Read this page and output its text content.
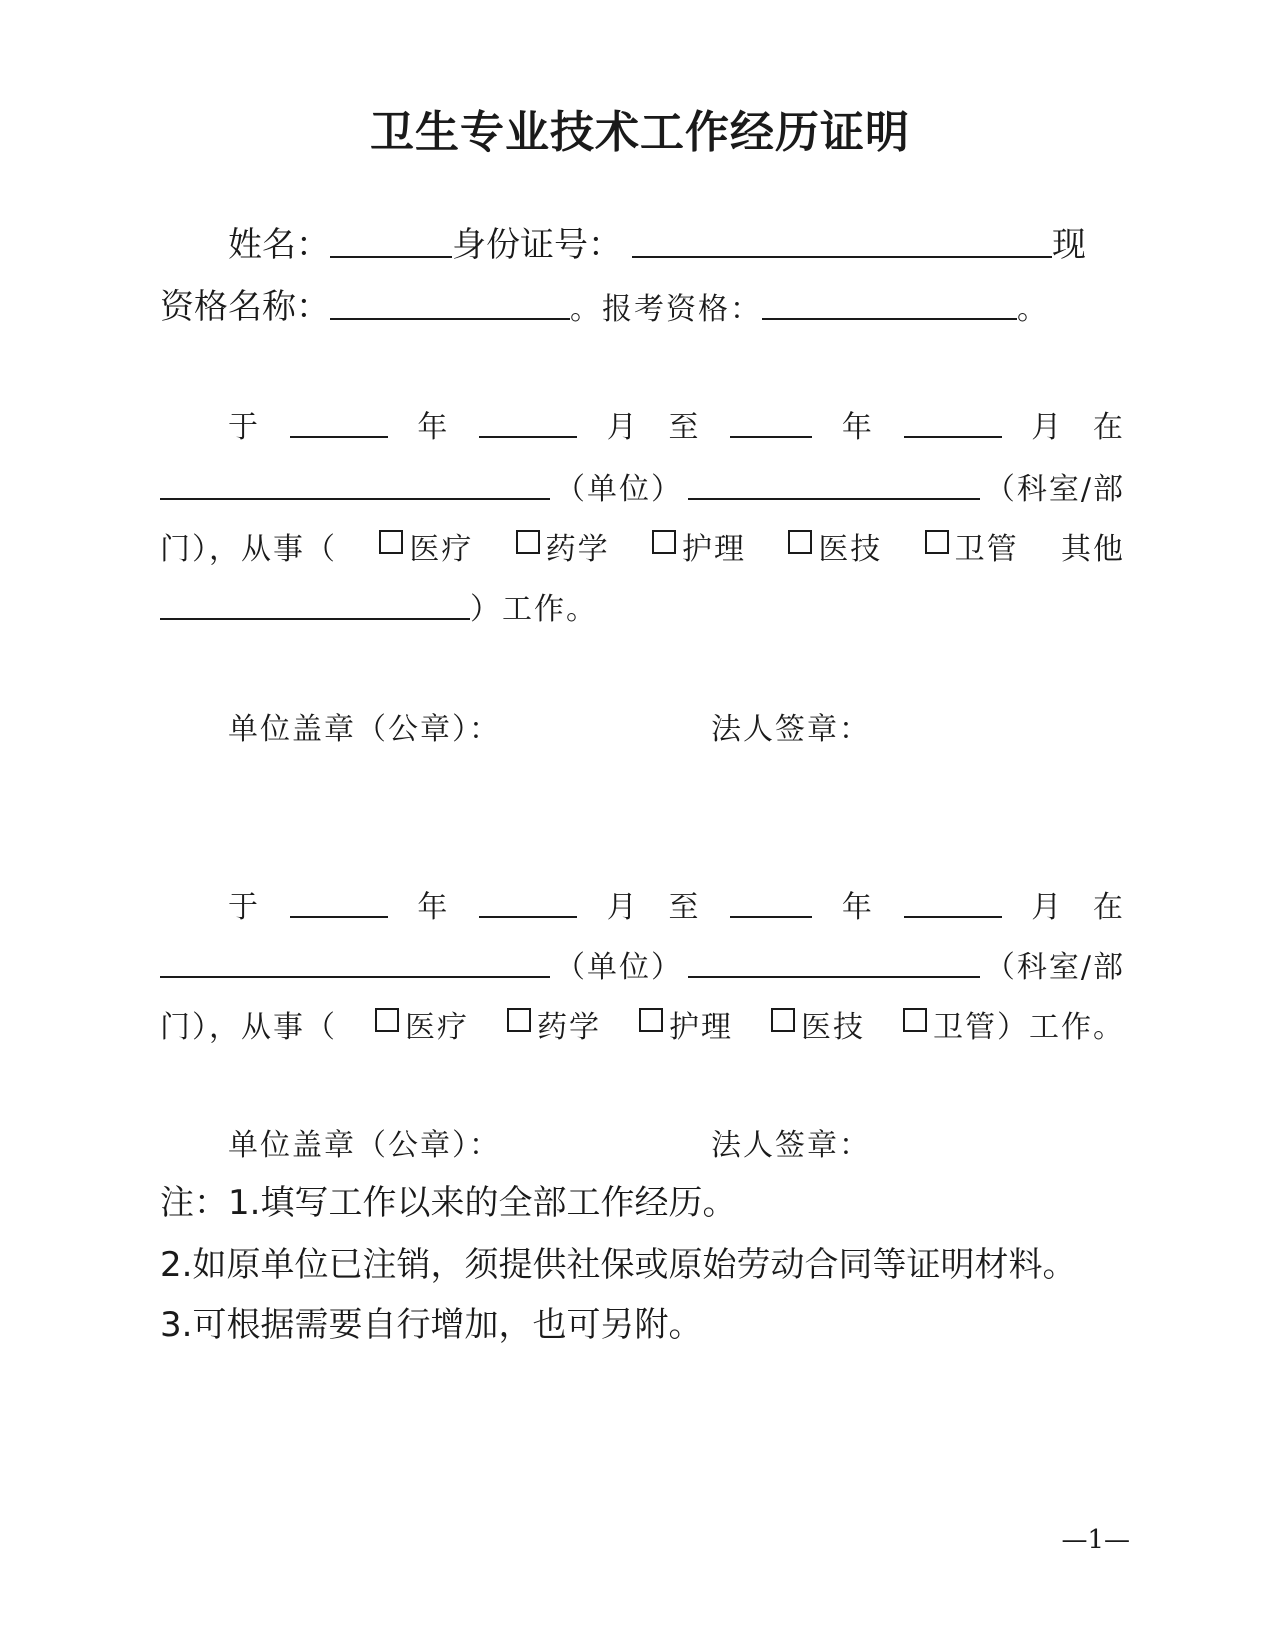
卫生专业技术工作经历证明
姓名：	身份证号：	现
资格名称：	。 报考资格：	。
于	年	月 至	年	月 在
（单位）	（科室/部
门），从事（ 医疗 药学 护理 医技 卫管 其他
）工作。
单位盖章（公章）：	法人签章：
于	年	月 至	年	月 在
（单位）	（科室/部
门），从事（ 医疗 药学 护理 医技 卫管 ）工作。
单位盖章（公章）：	法人签章：
注：1.填写工作以来的全部工作经历。
2.如原单位已注销，须提供社保或原始劳动合同等证明材料。
3.可根据需要自行增加，也可另附。
—1—
